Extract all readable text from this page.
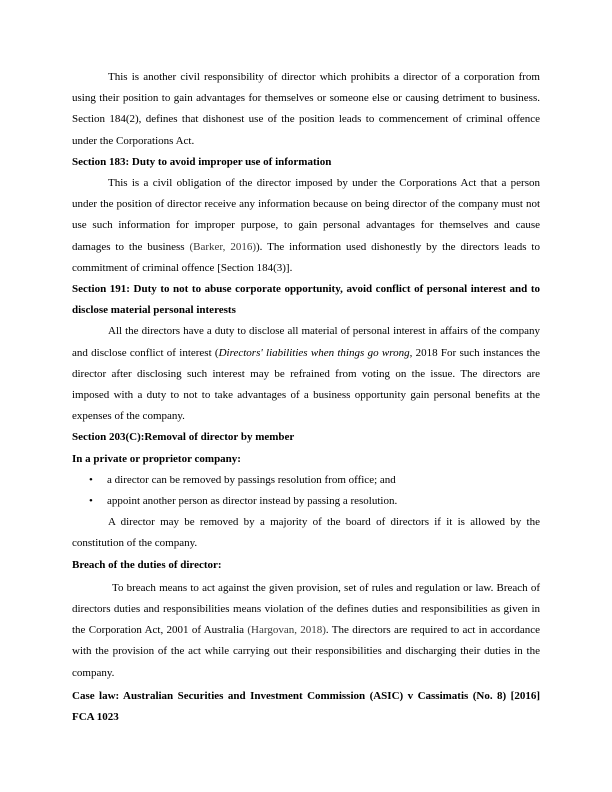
This is another civil responsibility of director which prohibits a director of a corporation from using their position to gain advantages for themselves or someone else or causing detriment to business. Section 184(2), defines that dishonest use of the position leads to commencement of criminal offence under the Corporations Act.

Section 183: Duty to avoid improper use of information

This is a civil obligation of the director imposed by under the Corporations Act that a person under the position of director receive any information because on being director of the company must not use such information for improper purpose, to gain personal advantages for themselves and cause damages to the business (Barker, 2016)). The information used dishonestly by the directors leads to commitment of criminal offence [Section 184(3)].

Section 191: Duty to not to abuse corporate opportunity, avoid conflict of personal interest and to disclose material personal interests

All the directors have a duty to disclose all material of personal interest in affairs of the company and disclose conflict of interest (Directors' liabilities when things go wrong, 2018 For such instances the director after disclosing such interest may be refrained from voting on the issue. The directors are imposed with a duty to not to take advantages of a business opportunity gain personal benefits at the expenses of the company.

Section 203(C):Removal of director by member

In a private or proprietor company:

• a director can be removed by passings resolution from office; and
• appoint another person as director instead by passing a resolution.

A director may be removed by a majority of the board of directors if it is allowed by the constitution of the company.

Breach of the duties of director:

To breach means to act against the given provision, set of rules and regulation or law. Breach of directors duties and responsibilities means violation of the defines duties and responsibilities as given in the Corporation Act, 2001 of Australia (Hargovan, 2018). The directors are required to act in accordance with the provision of the act while carrying out their responsibilities and discharging their duties in the company.

Case law: Australian Securities and Investment Commission (ASIC) v Cassimatis (No. 8) [2016] FCA 1023
